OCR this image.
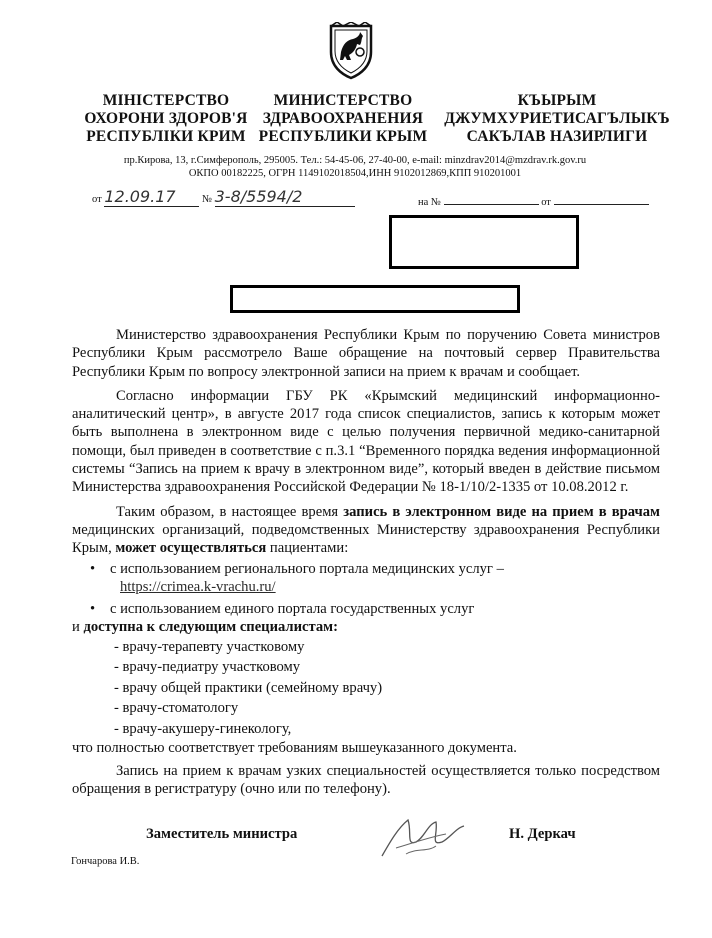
МІНІСТЕРСТВО
ОХОРОНИ ЗДОРОВ'Я
РЕСПУБЛІКИ КРИМ
МИНИСТЕРСТВО
ЗДРАВООХРАНЕНИЯ
РЕСПУБЛИКИ КРЫМ
КЪЫРЫМ
ДЖУМХУРИЕТИСАГЪЛЫКЪ
САКЪЛАВ НАЗИРЛИГИ
пр.Кирова, 13, г.Симферополь, 295005. Тел.: 54-45-06, 27-40-00, e-mail: minzdrav2014@mzdrav.rk.gov.ru
ОКПО 00182225, ОГРН 1149102018504,ИНН 9102012869,КПП 910201001
от 12.09.17	№ 3-8/5594/2	на №	от

Министерство здравоохранения Республики Крым по поручению Совета министров Республики Крым рассмотрело Ваше обращение на почтовый сервер Правительства Республики Крым по вопросу электронной записи на прием к врачам и сообщает.

Согласно информации ГБУ РК «Крымский медицинский информационно-аналитический центр», в августе 2017 года список специалистов, запись к которым может быть выполнена в электронном виде с целью получения первичной медико-санитарной помощи, был приведен в соответствие с п.3.1 “Временного порядка ведения информационной системы “Запись на прием к врачу в электронном виде”, который введен в действие письмом Министерства здравоохранения Российской Федерации № 18-1/10/2-1335 от 10.08.2012 г.

Таким образом, в настоящее время запись в электронном виде на прием в врачам медицинских организаций, подведомственных Министерству здравоохранения Республики Крым, может осуществляться пациентами:

• с использованием регионального портала медицинских услуг –
https://crimea.k-vrachu.ru/
• с использованием единого портала государственных услуг
и доступна к следующим специалистам:
- врачу-терапевту участковому
- врачу-педиатру участковому
- врачу общей практики (семейному врачу)
- врачу-стоматологу
- врачу-акушеру-гинекологу,
что полностью соответствует требованиям вышеуказанного документа.

Запись на прием к врачам узких специальностей осуществляется только посредством обращения в регистратуру (очно или по телефону).

Заместитель министра	Н. Деркач
Гончарова И.В.
